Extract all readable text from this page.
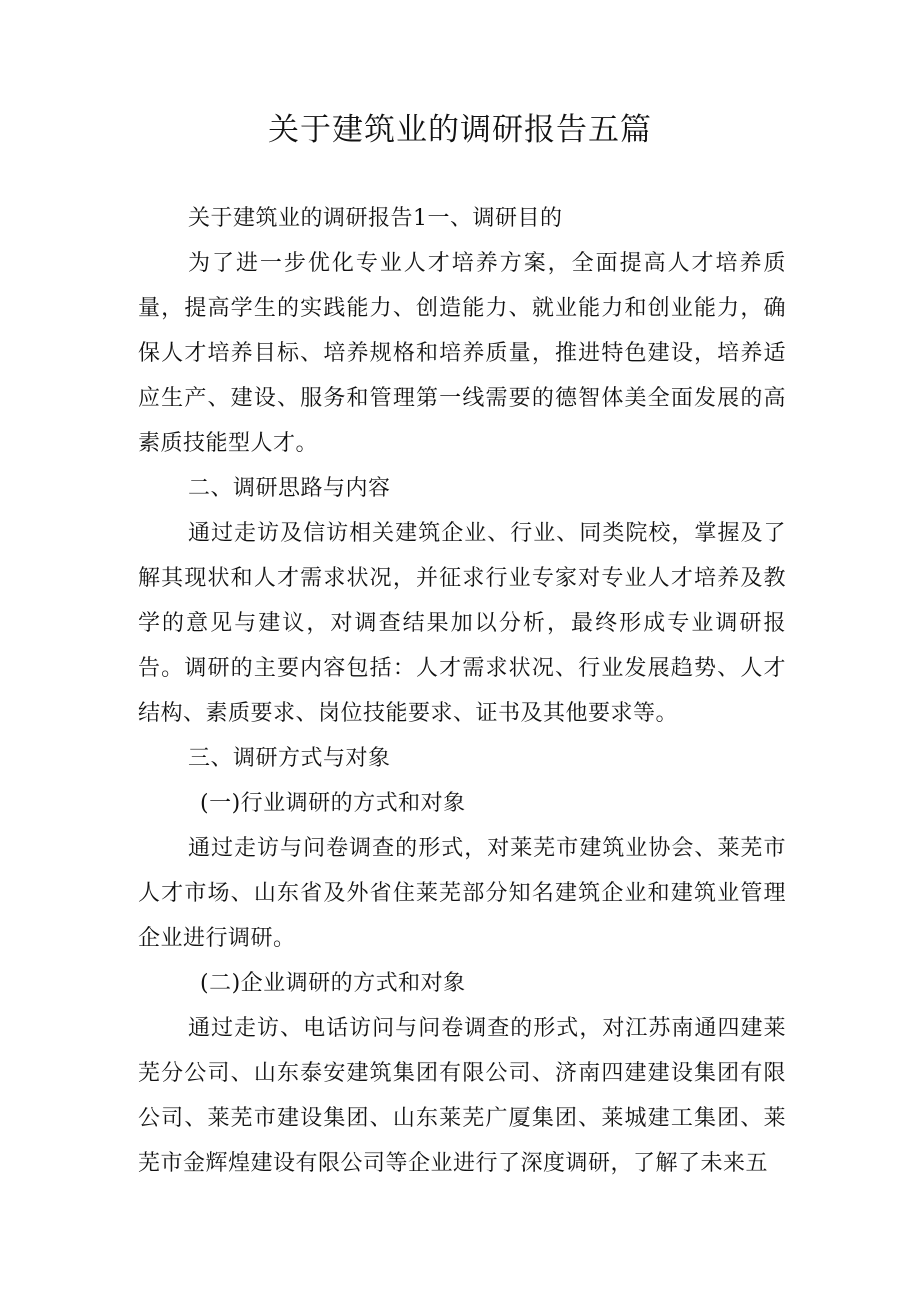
关于建筑业的调研报告五篇

关于建筑业的调研报告1一、调研目的

为了进一步优化专业人才培养方案，全面提高人才培养质量，提高学生的实践能力、创造能力、就业能力和创业能力，确保人才培养目标、培养规格和培养质量，推进特色建设，培养适应生产、建设、服务和管理第一线需要的德智体美全面发展的高素质技能型人才。

二、调研思路与内容

通过走访及信访相关建筑企业、行业、同类院校，掌握及了解其现状和人才需求状况，并征求行业专家对专业人才培养及教学的意见与建议，对调查结果加以分析，最终形成专业调研报告。调研的主要内容包括：人才需求状况、行业发展趋势、人才结构、素质要求、岗位技能要求、证书及其他要求等。

三、调研方式与对象

(一)行业调研的方式和对象

通过走访与问卷调查的形式，对莱芜市建筑业协会、莱芜市人才市场、山东省及外省住莱芜部分知名建筑企业和建筑业管理企业进行调研。

(二)企业调研的方式和对象

通过走访、电话访问与问卷调查的形式，对江苏南通四建莱芜分公司、山东泰安建筑集团有限公司、济南四建建设集团有限公司、莱芜市建设集团、山东莱芜广厦集团、莱城建工集团、莱芜市金辉煌建设有限公司等企业进行了深度调研，了解了未来五
